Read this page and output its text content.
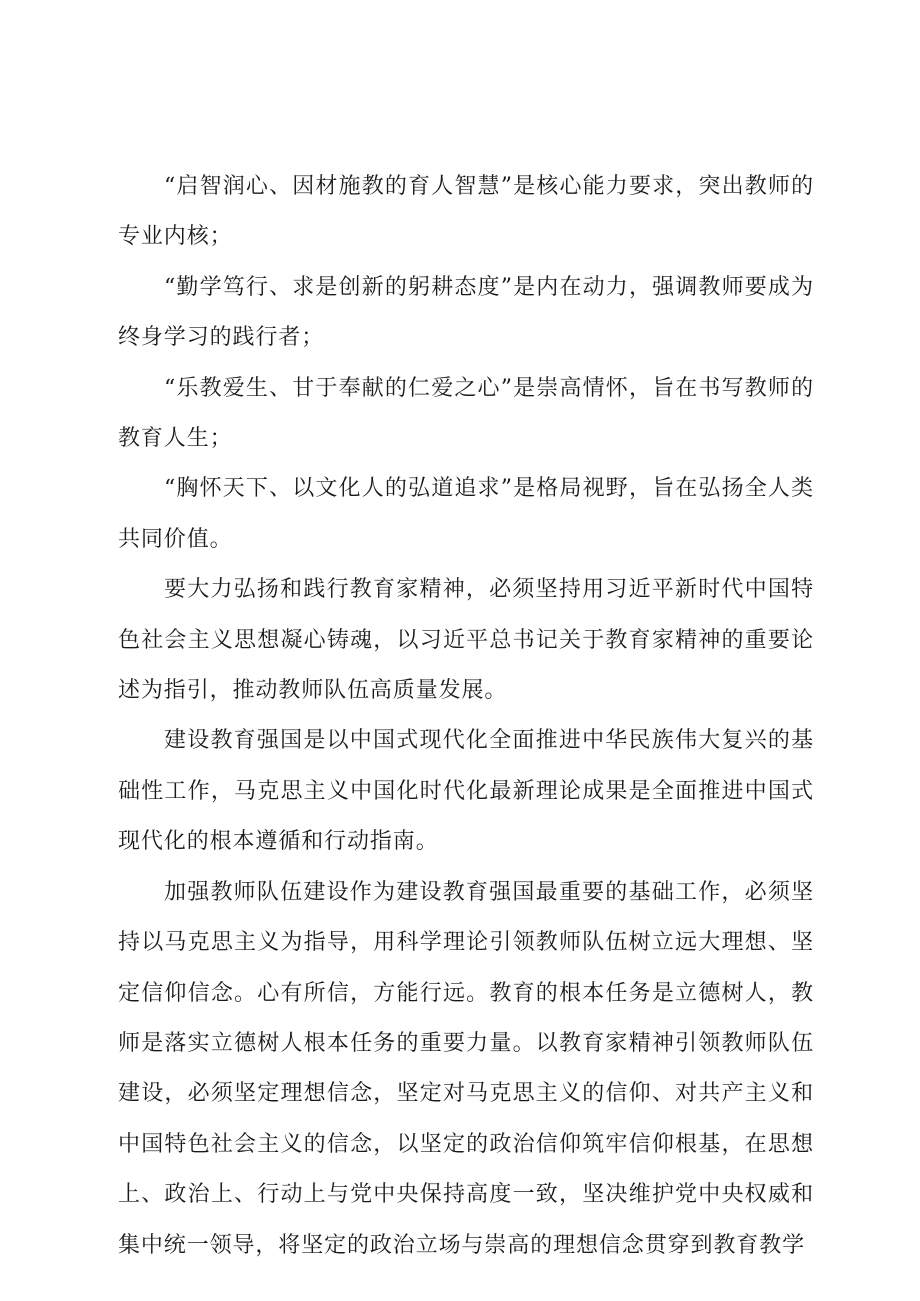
“启智润心、因材施教的育人智慧”是核心能力要求，突出教师的专业内核；

“勤学笃行、求是创新的躬耕态度”是内在动力，强调教师要成为终身学习的践行者；

“乐教爱生、甘于奉献的仁爱之心”是崇高情怀，旨在书写教师的教育人生；

“胸怀天下、以文化人的弘道追求”是格局视野，旨在弘扬全人类共同价值。

要大力弘扬和践行教育家精神，必须坚持用习近平新时代中国特色社会主义思想凝心铸魂，以习近平总书记关于教育家精神的重要论述为指引，推动教师队伍高质量发展。

建设教育强国是以中国式现代化全面推进中华民族伟大复兴的基础性工作，马克思主义中国化时代化最新理论成果是全面推进中国式现代化的根本遵循和行动指南。

加强教师队伍建设作为建设教育强国最重要的基础工作，必须坚持以马克思主义为指导，用科学理论引领教师队伍树立远大理想、坚定信仰信念。心有所信，方能行远。教育的根本任务是立德树人，教师是落实立德树人根本任务的重要力量。以教育家精神引领教师队伍建设，必须坚定理想信念，坚定对马克思主义的信仰、对共产主义和中国特色社会主义的信念，以坚定的政治信仰筑牢信仰根基，在思想上、政治上、行动上与党中央保持高度一致，坚决维护党中央权威和集中统一领导，将坚定的政治立场与崇高的理想信念贯穿到教育教学
